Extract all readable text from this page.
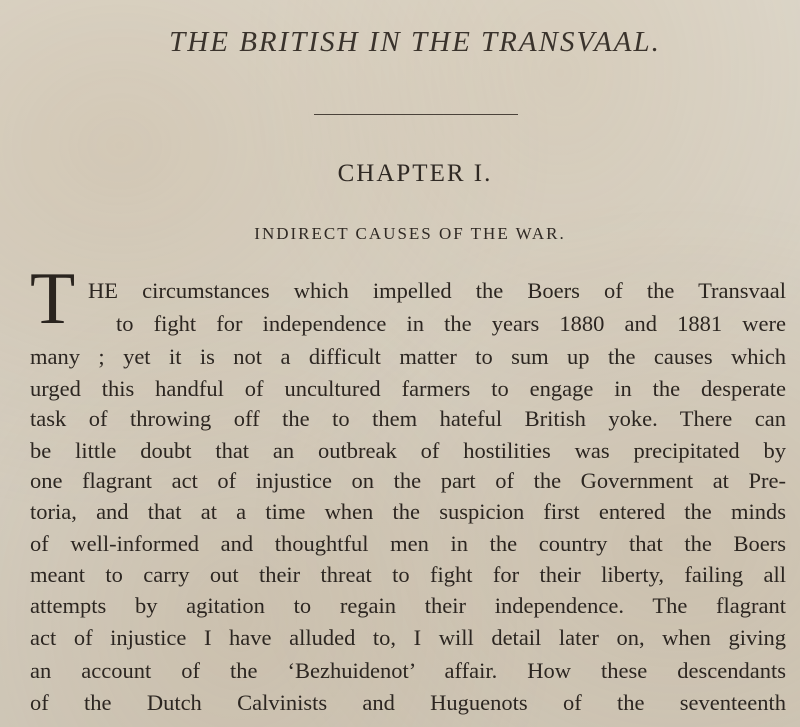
THE BRITISH IN THE TRANSVAAL.
CHAPTER I.
INDIRECT CAUSES OF THE WAR.
T HE circumstances which impelled the Boers of the Transvaal
to fight for independence in the years 1880 and 1881 were
many ; yet it is not a difficult matter to sum up the causes which
urged this handful of uncultured farmers to engage in the desperate
task of throwing off the to them hateful British yoke. There can
be little doubt that an outbreak of hostilities was precipitated by
one flagrant act of injustice on the part of the Government at Pre-
toria, and that at a time when the suspicion first entered the minds
of well-informed and thoughtful men in the country that the Boers
meant to carry out their threat to fight for their liberty, failing all
attempts by agitation to regain their independence. The flagrant
act of injustice I have alluded to, I will detail later on, when giving
an account of the ‘Bezhuidenot’ affair. How these descendants
of the Dutch Calvinists and Huguenots of the seventeenth
